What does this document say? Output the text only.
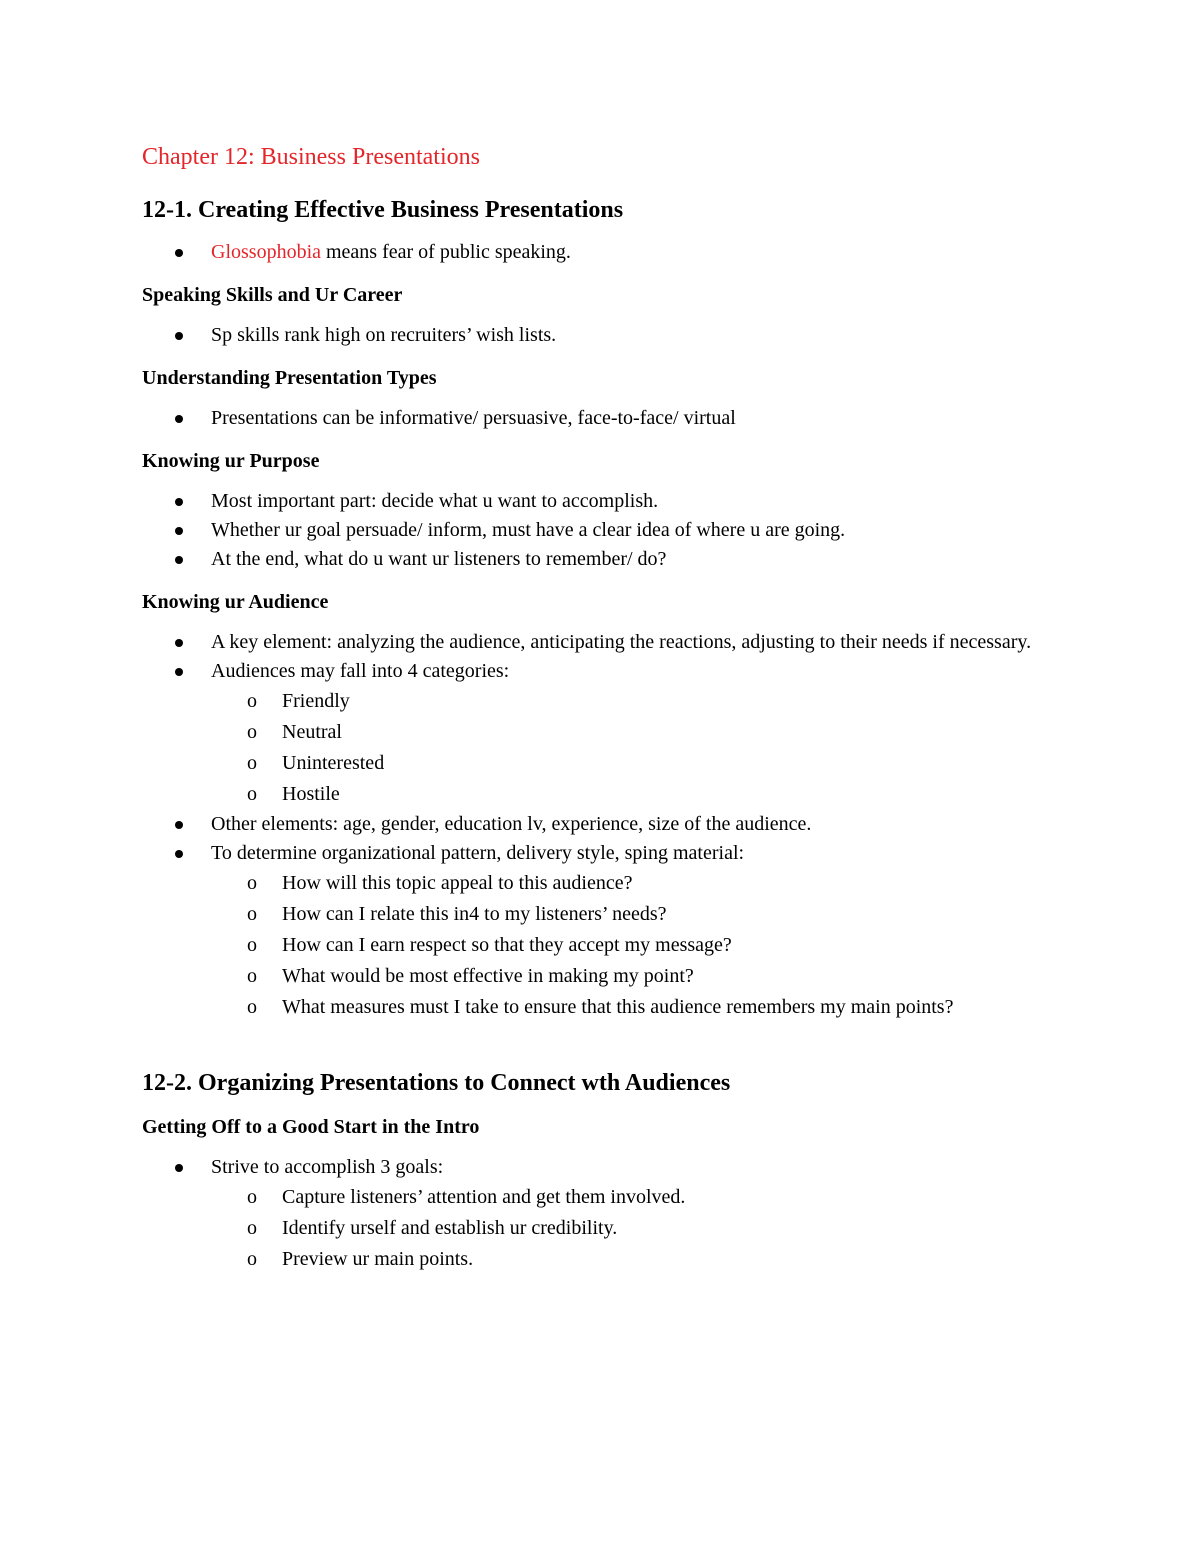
Chapter 12: Business Presentations
12-1. Creating Effective Business Presentations
Glossophobia means fear of public speaking.
Speaking Skills and Ur Career
Sp skills rank high on recruiters’ wish lists.
Understanding Presentation Types
Presentations can be informative/ persuasive, face-to-face/ virtual
Knowing ur Purpose
Most important part: decide what u want to accomplish.
Whether ur goal persuade/ inform, must have a clear idea of where u are going.
At the end, what do u want ur listeners to remember/ do?
Knowing ur Audience
A key element: analyzing the audience, anticipating the reactions, adjusting to their needs if necessary.
Audiences may fall into 4 categories:
o Friendly
o Neutral
o Uninterested
o Hostile
Other elements: age, gender, education lv, experience, size of the audience.
To determine organizational pattern, delivery style, sping material:
o How will this topic appeal to this audience?
o How can I relate this in4 to my listeners’ needs?
o How can I earn respect so that they accept my message?
o What would be most effective in making my point?
o What measures must I take to ensure that this audience remembers my main points?
12-2. Organizing Presentations to Connect wth Audiences
Getting Off to a Good Start in the Intro
Strive to accomplish 3 goals:
o Capture listeners’ attention and get them involved.
o Identify urself and establish ur credibility.
o Preview ur main points.
